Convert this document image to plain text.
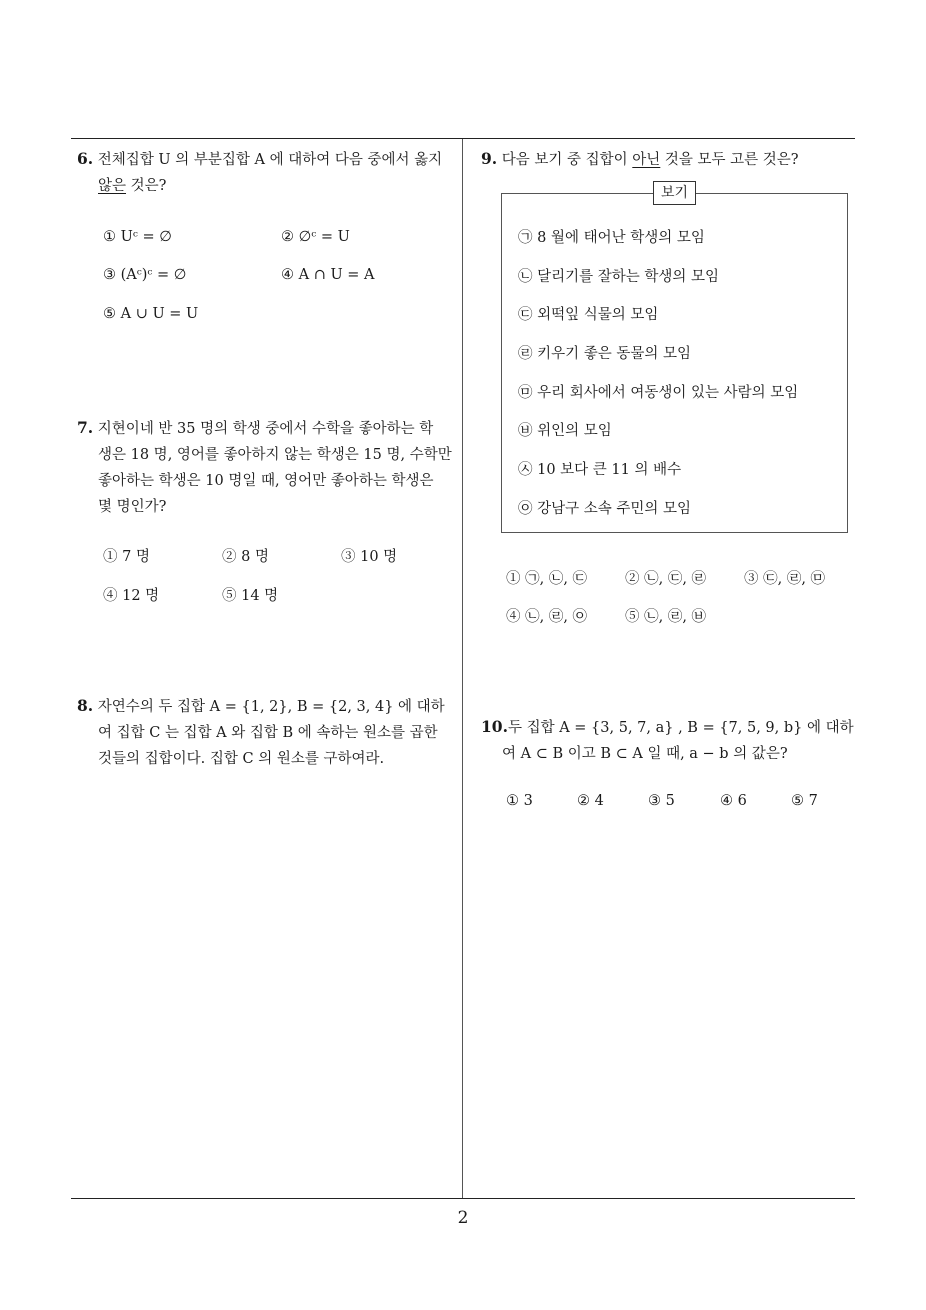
6. 전체집합 U 의 부분집합 A 에 대하여 다음 중에서 옳지
않은 것은?
① Uᶜ = ∅	② ∅ᶜ = U
③ (Aᶜ)ᶜ = ∅	④ A ∩ U = A
⑤ A ∪ U = U
7. 지현이네 반 35 명의 학생 중에서 수학을 좋아하는 학
생은 18 명, 영어를 좋아하지 않는 학생은 15 명, 수학만
좋아하는 학생은 10 명일 때, 영어만 좋아하는 학생은
몇 명인가?
① 7 명	② 8 명	③ 10 명
④ 12 명	⑤ 14 명
8. 자연수의 두 집합 A = {1, 2}, B = {2, 3, 4} 에 대하
여 집합 C 는 집합 A 와 집합 B 에 속하는 원소를 곱한
것들의 집합이다. 집합 C 의 원소를 구하여라.
9. 다음 보기 중 집합이 아닌 것을 모두 고른 것은?
보기
㉠ 8 월에 태어난 학생의 모임
㉡ 달리기를 잘하는 학생의 모임
㉢ 외떡잎 식물의 모임
㉣ 키우기 좋은 동물의 모임
㉤ 우리 회사에서 여동생이 있는 사람의 모임
㉥ 위인의 모임
㉦ 10 보다 큰 11 의 배수
㉧ 강남구 소속 주민의 모임
① ㉠, ㉡, ㉢	② ㉡, ㉢, ㉣	③ ㉢, ㉣, ㉤
④ ㉡, ㉣, ㉧	⑤ ㉡, ㉣, ㉥
10.두 집합 A = {3, 5, 7, a} , B = {7, 5, 9, b} 에 대하
여 A ⊂ B 이고 B ⊂ A 일 때, a − b 의 값은?
① 3	② 4	③ 5	④ 6	⑤ 7
2
